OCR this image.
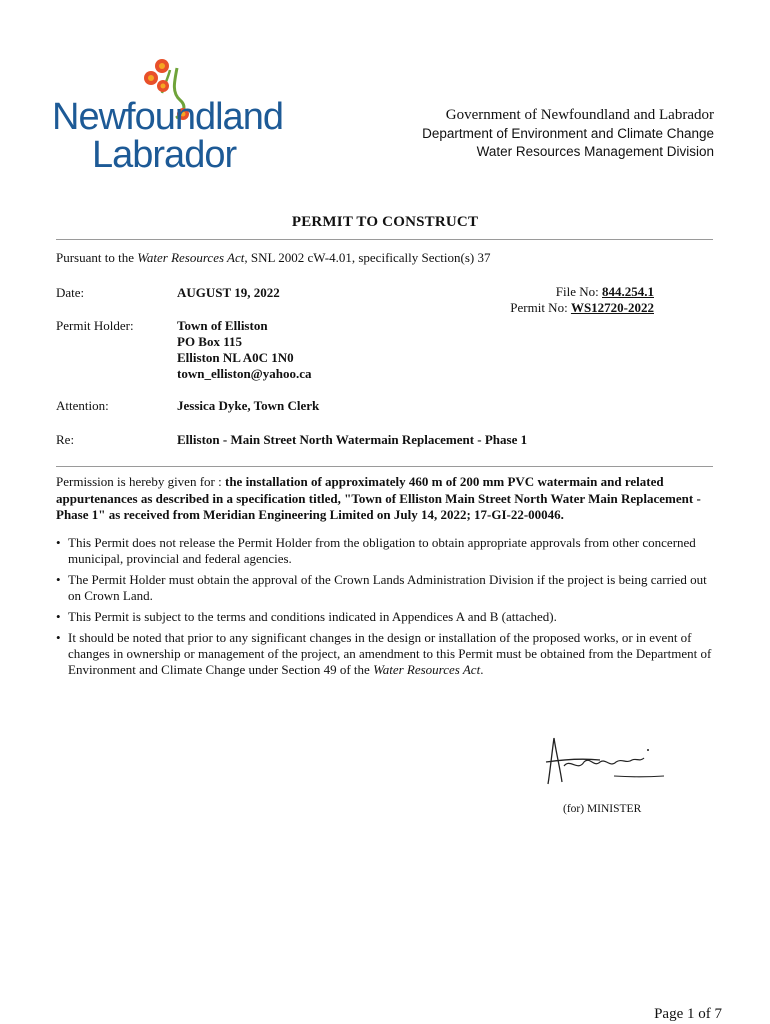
Newfoundland
Labrador
Government of Newfoundland and Labrador
Department of Environment and Climate Change
Water Resources Management Division
PERMIT TO CONSTRUCT
Pursuant to the Water Resources Act, SNL 2002 cW-4.01, specifically Section(s) 37
Date:	AUGUST 19, 2022	File No: 844.254.1
Permit No: WS12720-2022
Permit Holder:	Town of Elliston
PO Box 115
Elliston NL A0C 1N0
town_elliston@yahoo.ca
Attention:	Jessica Dyke, Town Clerk
Re:	Elliston - Main Street North Watermain Replacement - Phase 1
Permission is hereby given for : the installation of approximately 460 m of 200 mm PVC watermain and related appurtenances as described in a specification titled, "Town of Elliston Main Street North Water Main Replacement - Phase 1" as received from Meridian Engineering Limited on July 14, 2022; 17-GI-22-00046.
• This Permit does not release the Permit Holder from the obligation to obtain appropriate approvals from other concerned municipal, provincial and federal agencies.
• The Permit Holder must obtain the approval of the Crown Lands Administration Division if the project is being carried out on Crown Land.
• This Permit is subject to the terms and conditions indicated in Appendices A and B (attached).
• It should be noted that prior to any significant changes in the design or installation of the proposed works, or in event of changes in ownership or management of the project, an amendment to this Permit must be obtained from the Department of Environment and Climate Change under Section 49 of the Water Resources Act.
(for) MINISTER
Page 1 of 7
